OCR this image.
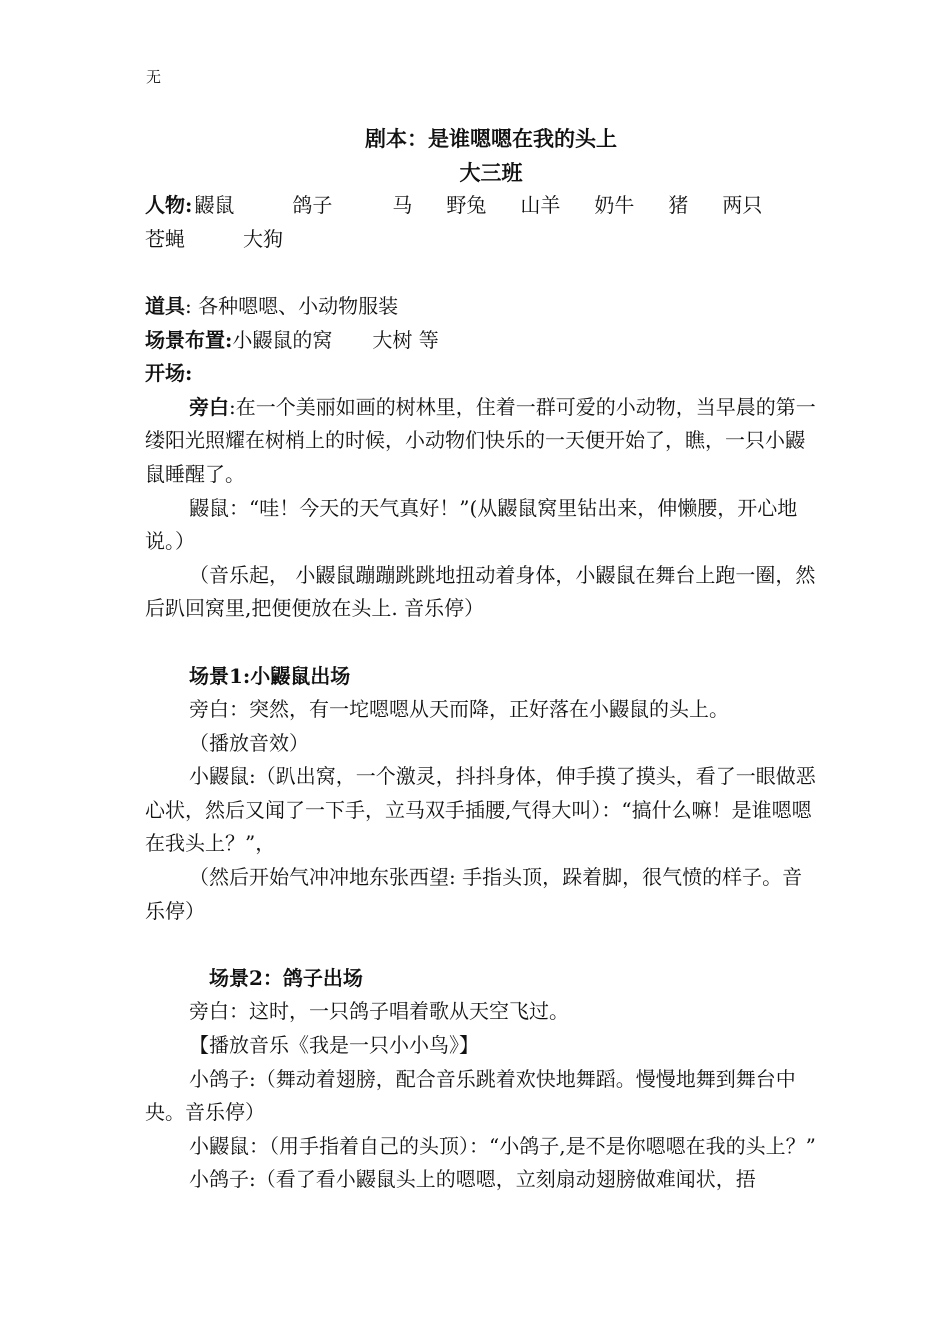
无
剧本：是谁嗯嗯在我的头上
大三班
人物: 鼹鼠	鸽子	马 野兔 山羊 奶牛 猪 两只
苍蝇	大狗
道具: 各种嗯嗯、小动物服装
场景布置:小鼹鼠的窝　　大树 等
开场:
旁白:在一个美丽如画的树林里，住着一群可爱的小动物，当早晨的第一缕阳光照耀在树梢上的时候，小动物们快乐的一天便开始了，瞧，一只小鼹鼠睡醒了。
鼹鼠：“哇！今天的天气真好！”(从鼹鼠窝里钻出来，伸懒腰，开心地说。）
（音乐起， 小鼹鼠蹦蹦跳跳地扭动着身体，小鼹鼠在舞台上跑一圈，然后趴回窝里,把便便放在头上. 音乐停）
场景1:小鼹鼠出场
旁白：突然，有一坨嗯嗯从天而降，正好落在小鼹鼠的头上。
（播放音效）
小鼹鼠:（趴出窝，一个激灵，抖抖身体，伸手摸了摸头，看了一眼做恶心状，然后又闻了一下手，立马双手插腰,气得大叫）：“搞什么嘛！是谁嗯嗯在我头上？”，
（然后开始气冲冲地东张西望: 手指头顶，跺着脚，很气愤的样子。音乐停）
场景2：鸽子出场
旁白：这时，一只鸽子唱着歌从天空飞过。
【播放音乐《我是一只小小鸟》】
小鸽子:（舞动着翅膀，配合音乐跳着欢快地舞蹈。慢慢地舞到舞台中央。音乐停）
小鼹鼠：（用手指着自己的头顶）：“小鸽子,是不是你嗯嗯在我的头上？”
小鸽子:（看了看小鼹鼠头上的嗯嗯，立刻扇动翅膀做难闻状，捂
